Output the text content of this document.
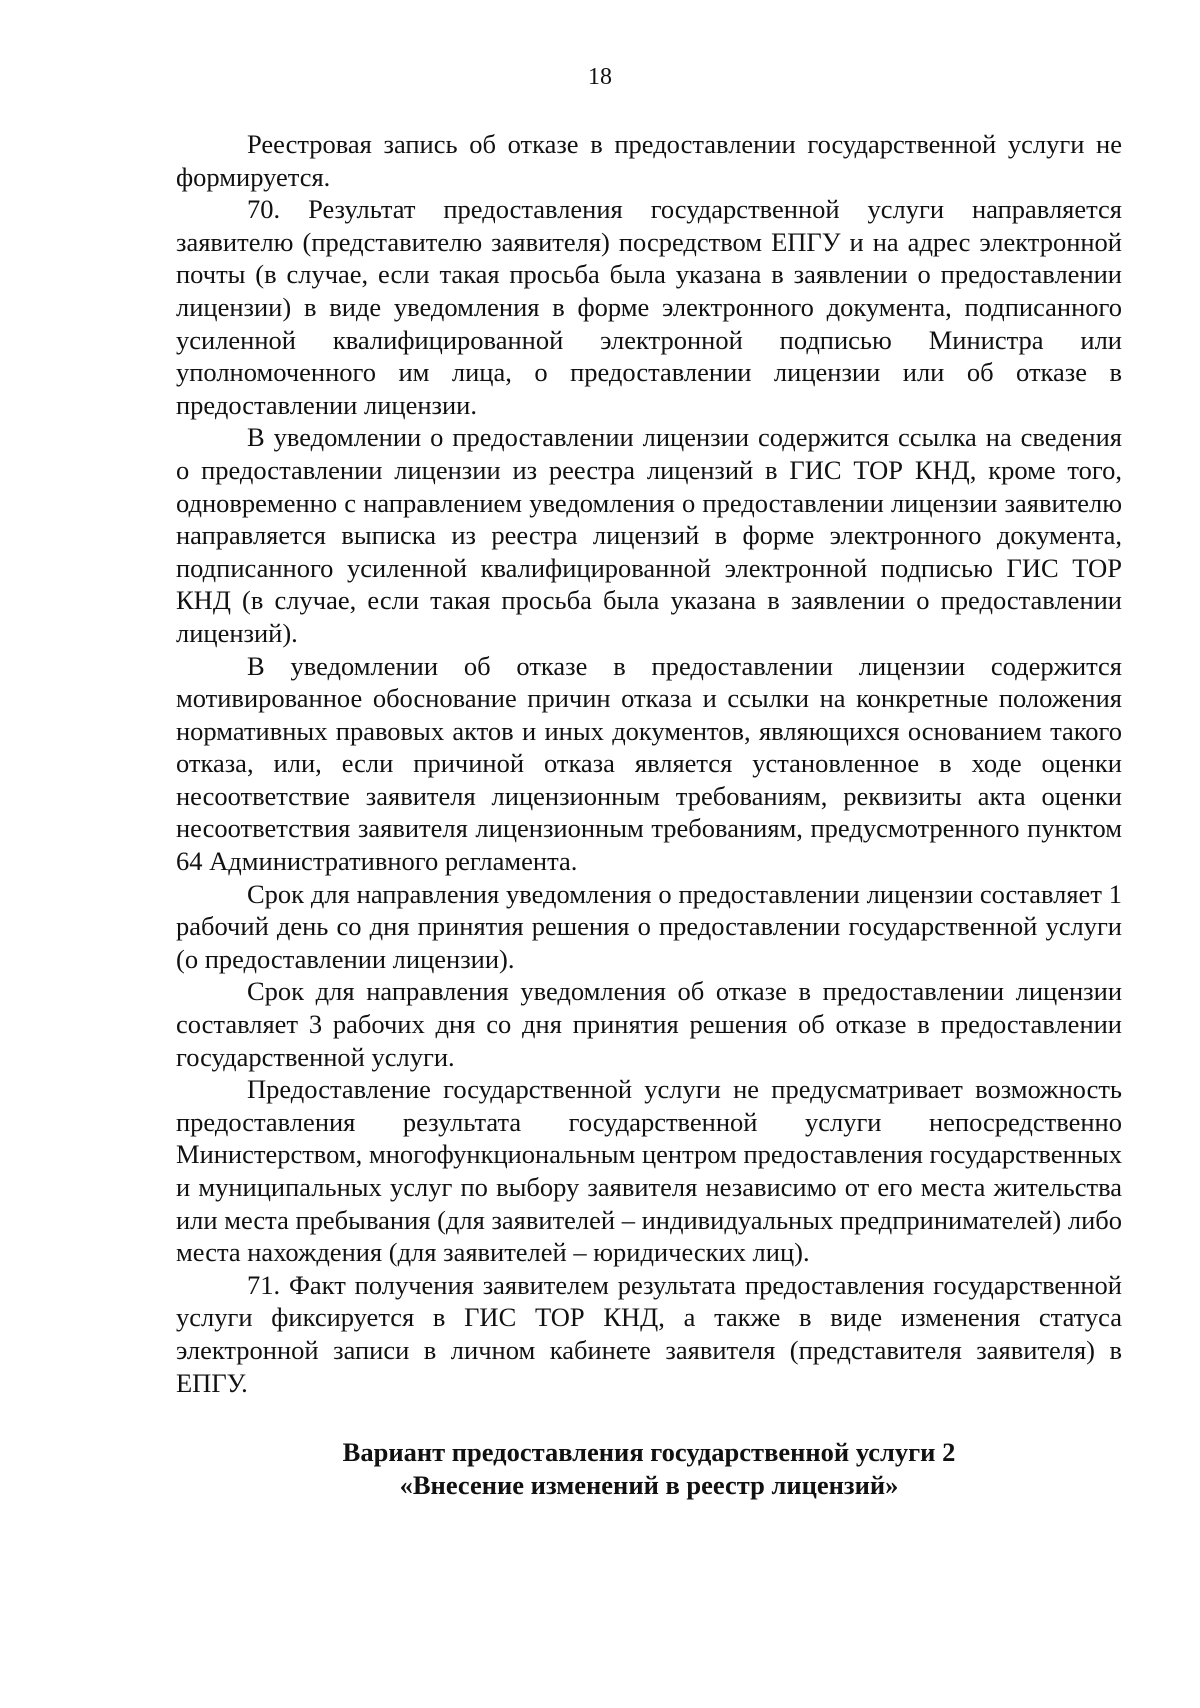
18

Реестровая запись об отказе в предоставлении государственной услуги не формируется.

70. Результат предоставления государственной услуги направляется заявителю (представителю заявителя) посредством ЕПГУ и на адрес электронной почты (в случае, если такая просьба была указана в заявлении о предоставлении лицензии) в виде уведомления в форме электронного документа, подписанного усиленной квалифицированной электронной подписью Министра или уполномоченного им лица, о предоставлении лицензии или об отказе в предоставлении лицензии.

В уведомлении о предоставлении лицензии содержится ссылка на сведения о предоставлении лицензии из реестра лицензий в ГИС ТОР КНД, кроме того, одновременно с направлением уведомления о предоставлении лицензии заявителю направляется выписка из реестра лицензий в форме электронного документа, подписанного усиленной квалифицированной электронной подписью ГИС ТОР КНД (в случае, если такая просьба была указана в заявлении о предоставлении лицензий).

В уведомлении об отказе в предоставлении лицензии содержится мотивированное обоснование причин отказа и ссылки на конкретные положения нормативных правовых актов и иных документов, являющихся основанием такого отказа, или, если причиной отказа является установленное в ходе оценки несоответствие заявителя лицензионным требованиям, реквизиты акта оценки несоответствия заявителя лицензионным требованиям, предусмотренного пунктом 64 Административного регламента.

Срок для направления уведомления о предоставлении лицензии составляет 1 рабочий день со дня принятия решения о предоставлении государственной услуги (о предоставлении лицензии).

Срок для направления уведомления об отказе в предоставлении лицензии составляет 3 рабочих дня со дня принятия решения об отказе в предоставлении государственной услуги.

Предоставление государственной услуги не предусматривает возможность предоставления результата государственной услуги непосредственно Министерством, многофункциональным центром предоставления государственных и муниципальных услуг по выбору заявителя независимо от его места жительства или места пребывания (для заявителей – индивидуальных предпринимателей) либо места нахождения (для заявителей – юридических лиц).

71. Факт получения заявителем результата предоставления государственной услуги фиксируется в ГИС ТОР КНД, а также в виде изменения статуса электронной записи в личном кабинете заявителя (представителя заявителя) в ЕПГУ.

Вариант предоставления государственной услуги 2
«Внесение изменений в реестр лицензий»
